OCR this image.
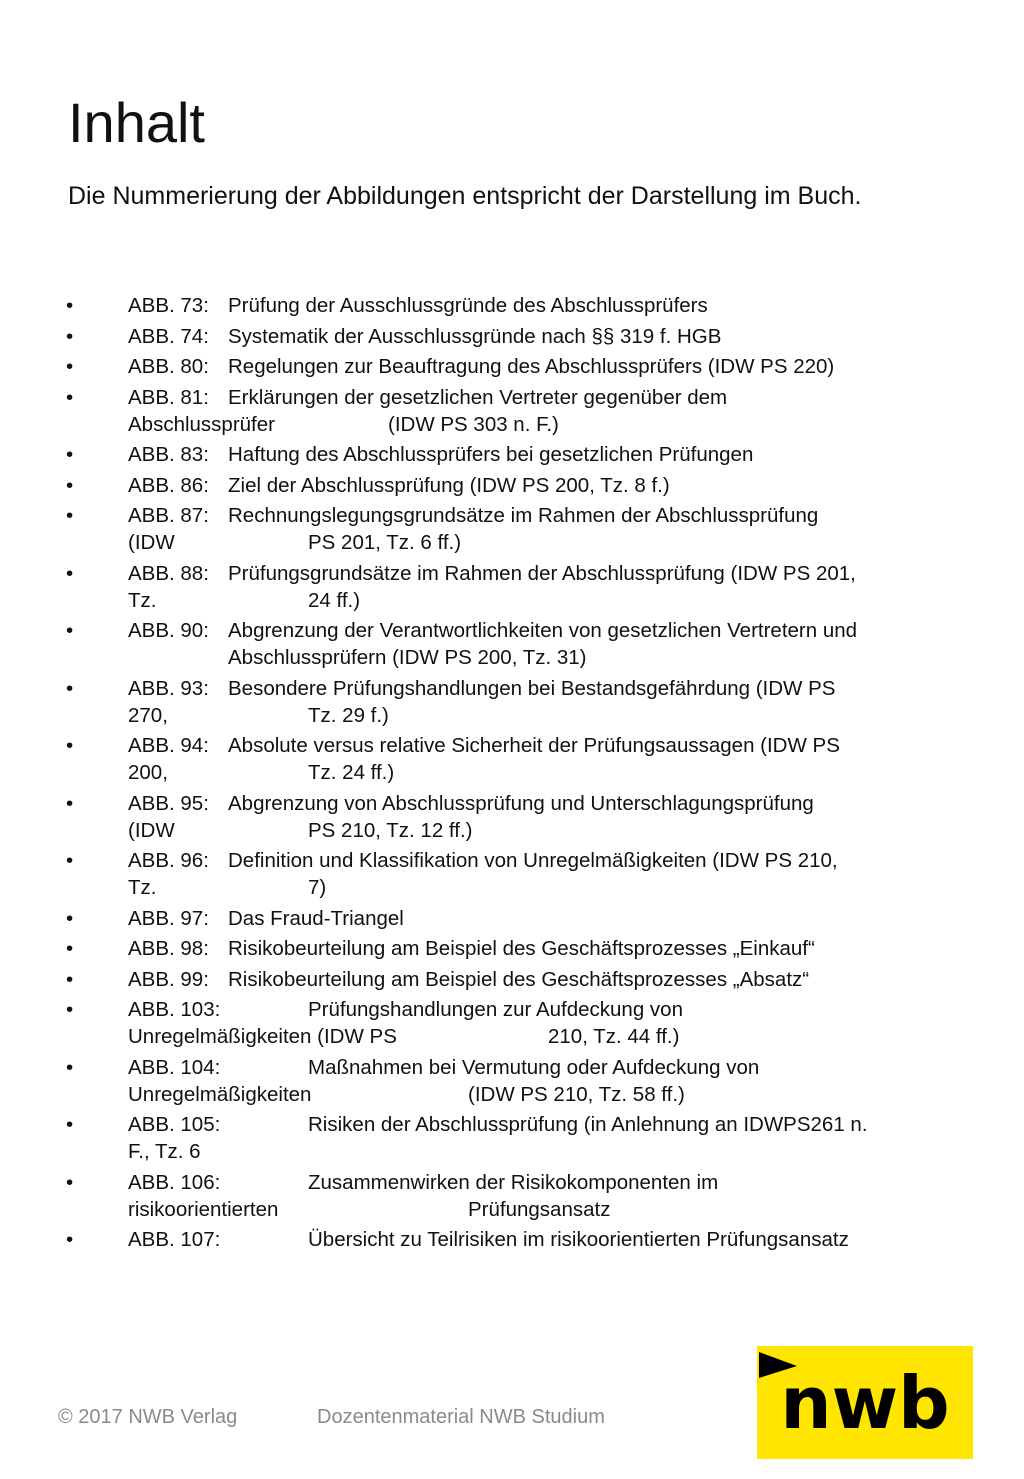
Inhalt

Die Nummerierung der Abbildungen entspricht der Darstellung im Buch.

•	ABB. 73: Prüfung der Ausschlussgründe des Abschlussprüfers
•	ABB. 74: Systematik der Ausschlussgründe nach §§ 319 f. HGB
•	ABB. 80: Regelungen zur Beauftragung des Abschlussprüfers (IDW PS 220)
•	ABB. 81: Erklärungen der gesetzlichen Vertreter gegenüber dem
Abschlussprüfer	(IDW PS 303 n. F.)
•	ABB. 83: Haftung des Abschlussprüfers bei gesetzlichen Prüfungen
•	ABB. 86: Ziel der Abschlussprüfung (IDW PS 200, Tz. 8 f.)
•	ABB. 87: Rechnungslegungsgrundsätze im Rahmen der Abschlussprüfung
(IDW	PS 201, Tz. 6 ff.)
•	ABB. 88: Prüfungsgrundsätze im Rahmen der Abschlussprüfung (IDW PS 201,
Tz.	24 ff.)
•	ABB. 90: Abgrenzung der Verantwortlichkeiten von gesetzlichen Vertretern und
Abschlussprüfern (IDW PS 200, Tz. 31)
•	ABB. 93: Besondere Prüfungshandlungen bei Bestandsgefährdung (IDW PS
270,	Tz. 29 f.)
•	ABB. 94: Absolute versus relative Sicherheit der Prüfungsaussagen (IDW PS
200,	Tz. 24 ff.)
•	ABB. 95: Abgrenzung von Abschlussprüfung und Unterschlagungsprüfung
(IDW	PS 210, Tz. 12 ff.)
•	ABB. 96: Definition und Klassifikation von Unregelmäßigkeiten (IDW PS 210,
Tz.	7)
•	ABB. 97: Das Fraud-Triangel
•	ABB. 98: Risikobeurteilung am Beispiel des Geschäftsprozesses „Einkauf“
•	ABB. 99: Risikobeurteilung am Beispiel des Geschäftsprozesses „Absatz“
•	ABB. 103:	Prüfungshandlungen zur Aufdeckung von
Unregelmäßigkeiten (IDW PS	210, Tz. 44 ff.)
•	ABB. 104:	Maßnahmen bei Vermutung oder Aufdeckung von
Unregelmäßigkeiten	(IDW PS 210, Tz. 58 ff.)
•	ABB. 105:	Risiken der Abschlussprüfung (in Anlehnung an IDWPS261 n.
F., Tz. 6
•	ABB. 106:	Zusammenwirken der Risikokomponenten im
risikoorientierten	Prüfungsansatz
•	ABB. 107:	Übersicht zu Teilrisiken im risikoorientierten Prüfungsansatz
© 2017 NWB Verlag	Dozentenmaterial NWB Studium nwb
